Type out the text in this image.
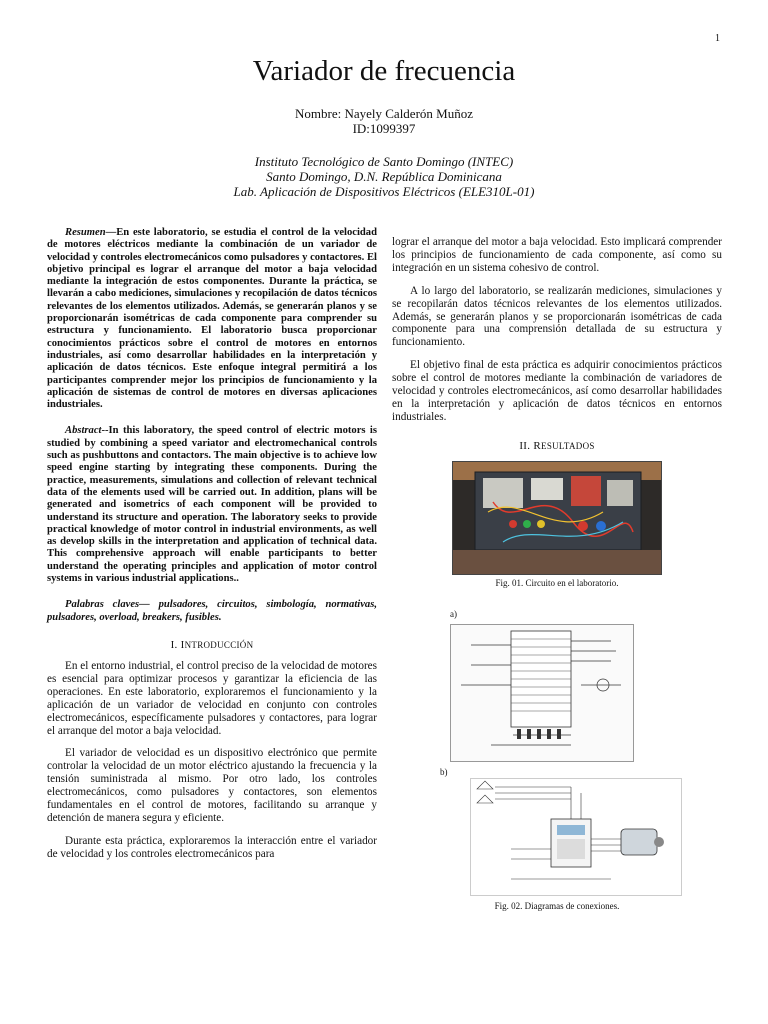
1
Variador de frecuencia
Nombre: Nayely Calderón Muñoz
ID:1099397
Instituto Tecnológico de Santo Domingo (INTEC)
Santo Domingo, D.N. República Dominicana
Lab. Aplicación de Dispositivos Eléctricos (ELE310L-01)

Resumen—En este laboratorio, se estudia el control de la velocidad de motores eléctricos mediante la combinación de un variador de velocidad y controles electromecánicos como pulsadores y contactores. El objetivo principal es lograr el arranque del motor a baja velocidad mediante la integración de estos componentes. Durante la práctica, se llevarán a cabo mediciones, simulaciones y recopilación de datos técnicos relevantes de los elementos utilizados. Además, se generarán planos y se proporcionarán isométricas de cada componente para comprender su estructura y funcionamiento. El laboratorio busca proporcionar conocimientos prácticos sobre el control de motores en entornos industriales, así como desarrollar habilidades en la interpretación y aplicación de datos técnicos. Este enfoque integral permitirá a los participantes comprender mejor los principios de funcionamiento y la aplicación de sistemas de control de motores en diversas aplicaciones industriales.

Abstract--In this laboratory, the speed control of electric motors is studied by combining a speed variator and electromechanical controls such as pushbuttons and contactors. The main objective is to achieve low speed engine starting by integrating these components. During the practice, measurements, simulations and collection of relevant technical data of the elements used will be carried out. In addition, plans will be generated and isometrics of each component will be provided to understand its structure and operation. The laboratory seeks to provide practical knowledge of motor control in industrial environments, as well as develop skills in the interpretation and application of technical data. This comprehensive approach will enable participants to better understand the operating principles and application of motor control systems in various industrial applications..

Palabras claves— pulsadores, circuitos, simbología, normativas, pulsadores, overload, breakers, fusibles.

I. INTRODUCCIÓN

En el entorno industrial, el control preciso de la velocidad de motores es esencial para optimizar procesos y garantizar la eficiencia de las operaciones. En este laboratorio, exploraremos el funcionamiento y la aplicación de un variador de velocidad en conjunto con controles electromecánicos, específicamente pulsadores y contactores, para lograr el arranque del motor a baja velocidad.

El variador de velocidad es un dispositivo electrónico que permite controlar la velocidad de un motor eléctrico ajustando la frecuencia y la tensión suministrada al mismo. Por otro lado, los controles electromecánicos, como pulsadores y contactores, son elementos fundamentales en el control de motores, facilitando su arranque y detención de manera segura y eficiente.

Durante esta práctica, exploraremos la interacción entre el variador de velocidad y los controles electromecánicos para

lograr el arranque del motor a baja velocidad. Esto implicará comprender los principios de funcionamiento de cada componente, así como su integración en un sistema cohesivo de control.

A lo largo del laboratorio, se realizarán mediciones, simulaciones y se recopilarán datos técnicos relevantes de los elementos utilizados. Además, se generarán planos y se proporcionarán isométricas de cada componente para una comprensión detallada de su estructura y funcionamiento.

El objetivo final de esta práctica es adquirir conocimientos prácticos sobre el control de motores mediante la combinación de variadores de velocidad y controles electromecánicos, así como desarrollar habilidades en la interpretación y aplicación de datos técnicos en entornos industriales.

II. RESULTADOS
Fig. 01. Circuito en el laboratorio.
a)
b)
Fig. 02. Diagramas de conexiones.
